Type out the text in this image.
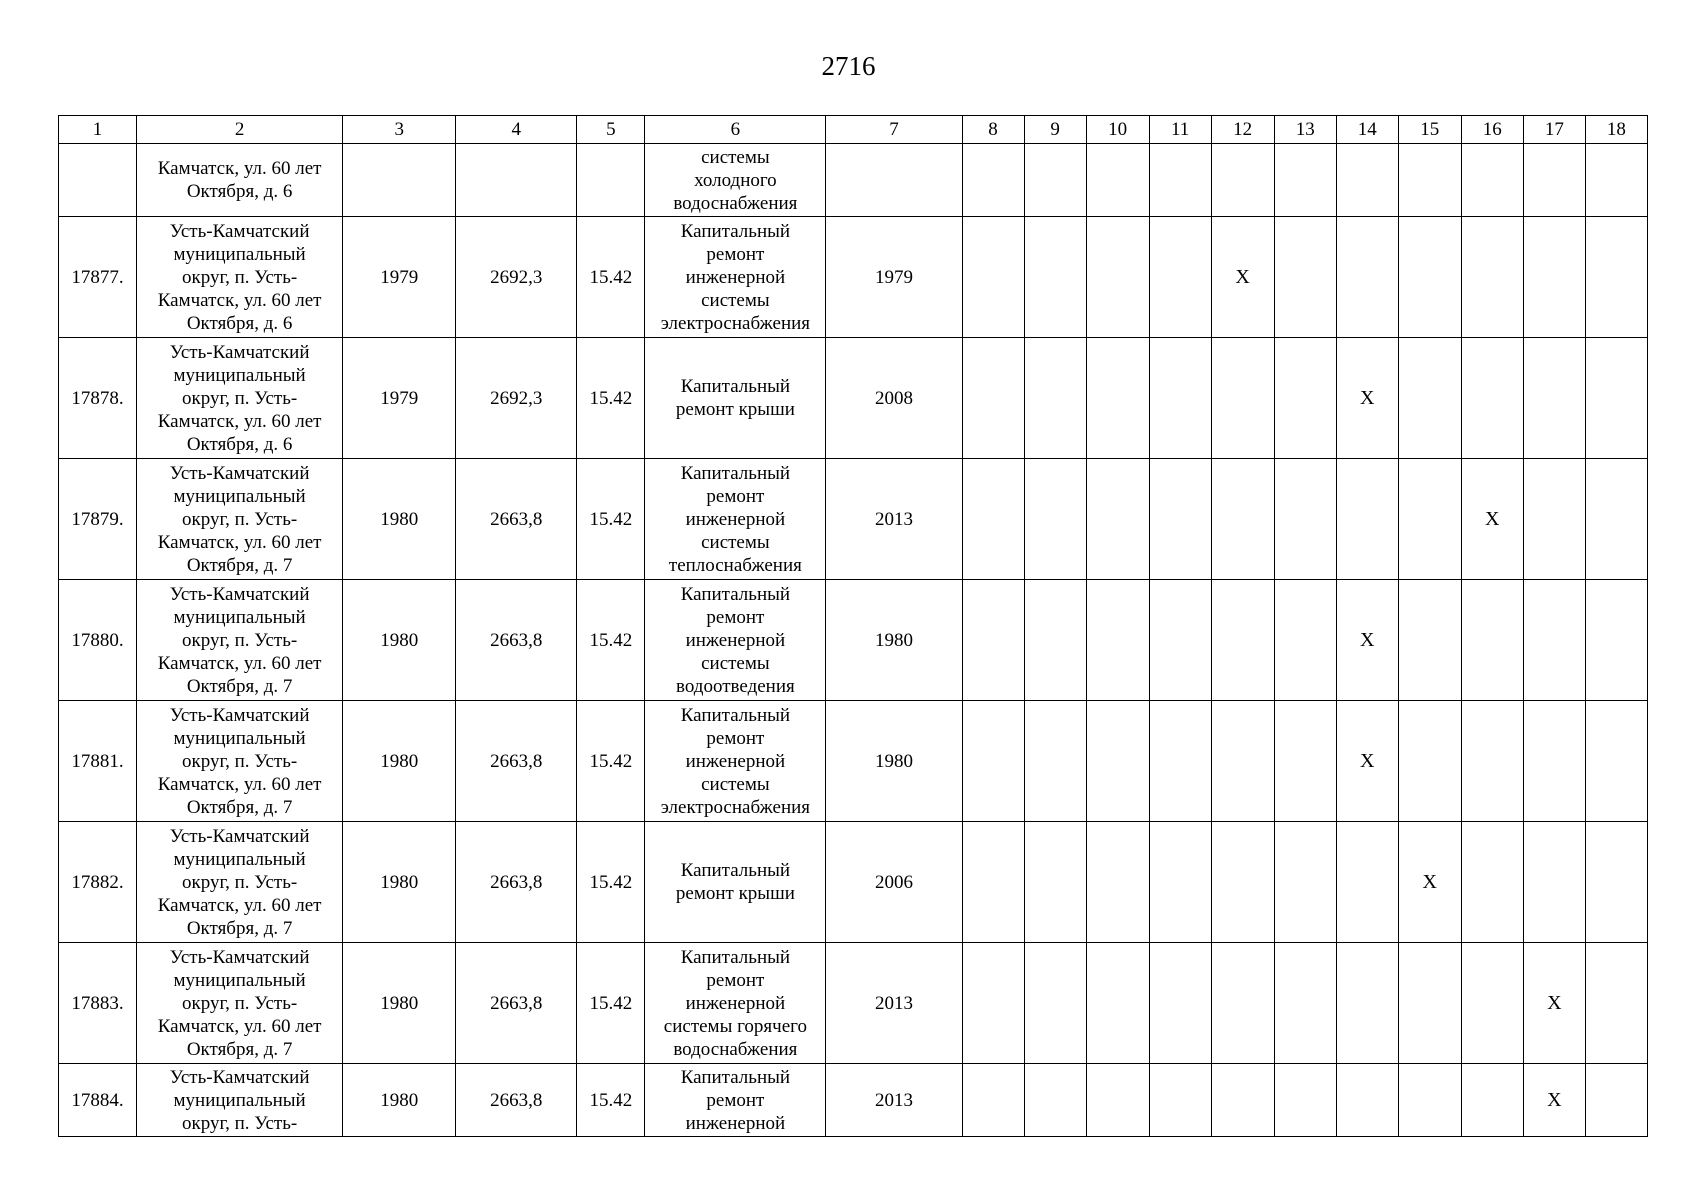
2716
1	2	3	4	5	6	7	8	9	10	11	12	13	14	15	16	17	18
	Камчатск, ул. 60 лет
Октября, д. 6				системы
холодного
водоснабжения												
17877.	Усть-Камчатский
муниципальный
округ, п. Усть-
Камчатск, ул. 60 лет
Октября, д. 6	1979	2692,3	15.42	Капитальный
ремонт
инженерной
системы
электроснабжения	1979					X						
17878.	Усть-Камчатский
муниципальный
округ, п. Усть-
Камчатск, ул. 60 лет
Октября, д. 6	1979	2692,3	15.42	Капитальный
ремонт крыши	2008							X				
17879.	Усть-Камчатский
муниципальный
округ, п. Усть-
Камчатск, ул. 60 лет
Октября, д. 7	1980	2663,8	15.42	Капитальный
ремонт
инженерной
системы
теплоснабжения	2013									X		
17880.	Усть-Камчатский
муниципальный
округ, п. Усть-
Камчатск, ул. 60 лет
Октября, д. 7	1980	2663,8	15.42	Капитальный
ремонт
инженерной
системы
водоотведения	1980							X				
17881.	Усть-Камчатский
муниципальный
округ, п. Усть-
Камчатск, ул. 60 лет
Октября, д. 7	1980	2663,8	15.42	Капитальный
ремонт
инженерной
системы
электроснабжения	1980							X				
17882.	Усть-Камчатский
муниципальный
округ, п. Усть-
Камчатск, ул. 60 лет
Октября, д. 7	1980	2663,8	15.42	Капитальный
ремонт крыши	2006								X			
17883.	Усть-Камчатский
муниципальный
округ, п. Усть-
Камчатск, ул. 60 лет
Октября, д. 7	1980	2663,8	15.42	Капитальный
ремонт
инженерной
системы горячего
водоснабжения	2013										X	
17884.	Усть-Камчатский
муниципальный
округ, п. Усть-	1980	2663,8	15.42	Капитальный
ремонт
инженерной	2013										X	
